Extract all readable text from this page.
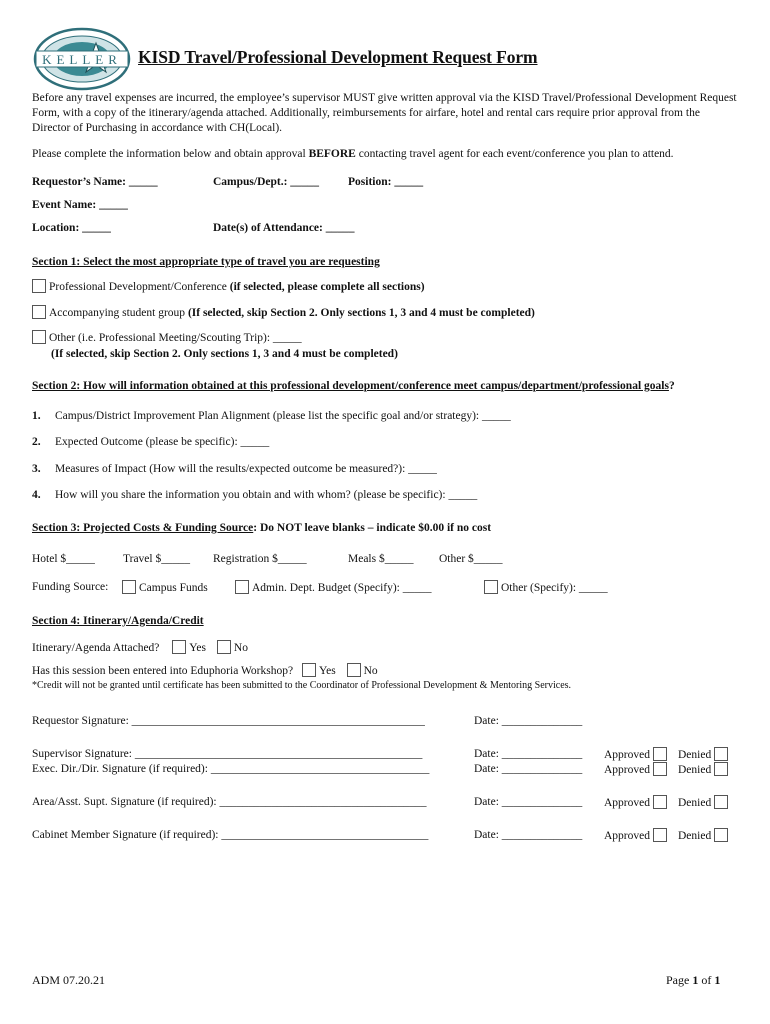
KELLER KISD Travel/Professional Development Request Form
Before any travel expenses are incurred, the employee’s supervisor MUST give written approval via the KISD Travel/Professional Development Request Form, with a copy of the itinerary/agenda attached. Additionally, reimbursements for airfare, hotel and rental cars require prior approval from the Director of Purchasing in accordance with CH(Local).
Please complete the information below and obtain approval BEFORE contacting travel agent for each event/conference you plan to attend.
Requestor’s Name: _____	Campus/Dept.: _____	Position: _____
Event Name: _____
Location: _____	Date(s) of Attendance: _____
Section 1: Select the most appropriate type of travel you are requesting
Professional Development/Conference (if selected, please complete all sections)
Accompanying student group (If selected, skip Section 2. Only sections 1, 3 and 4 must be completed)
Other (i.e. Professional Meeting/Scouting Trip): _____
(If selected, skip Section 2. Only sections 1, 3 and 4 must be completed)
Section 2: How will information obtained at this professional development/conference meet campus/department/professional goals?
1. Campus/District Improvement Plan Alignment (please list the specific goal and/or strategy): _____
2. Expected Outcome (please be specific): _____
3. Measures of Impact (How will the results/expected outcome be measured?): _____
4. How will you share the information you obtain and with whom? (please be specific): _____
Section 3: Projected Costs & Funding Source: Do NOT leave blanks – indicate $0.00 if no cost
Hotel $_____ Travel $_____ Registration $_____	Meals $_____ Other $_____
Funding Source:	Campus Funds	Admin. Dept. Budget (Specify): _____	Other (Specify): _____
Section 4: Itinerary/Agenda/Credit
Itinerary/Agenda Attached?	Yes No
Has this session been entered into Eduphoria Workshop? Yes No
*Credit will not be granted until certificate has been submitted to the Coordinator of Professional Development & Mentoring Services.
Requestor Signature: ___________________________________________________	Date: ______________
Supervisor Signature: __________________________________________________	Date: ______________ Approved	Denied
Exec. Dir./Dir. Signature (if required): ______________________________________	Date: ______________ Approved	Denied
Area/Asst. Supt. Signature (if required): ____________________________________	Date: ______________ Approved	Denied
Cabinet Member Signature (if required): ____________________________________	Date: ______________ Approved	Denied
ADM 07.20.21	Page 1 of 1
